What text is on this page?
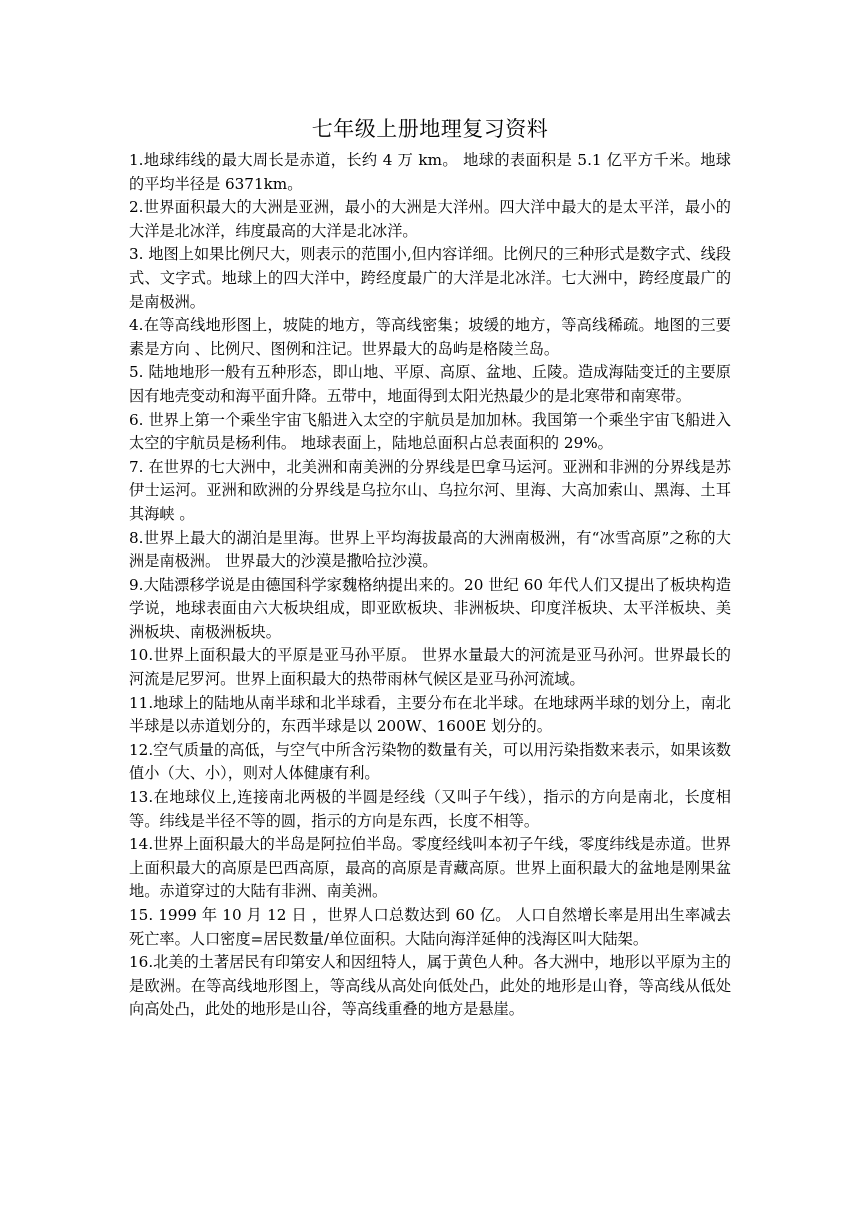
七年级上册地理复习资料

1.地球纬线的最大周长是赤道，长约 4 万 km。 地球的表面积是 5.1 亿平方千米。地球的平均半径是 6371km。

2.世界面积最大的大洲是亚洲，最小的大洲是大洋州。四大洋中最大的是太平洋，最小的大洋是北冰洋，纬度最高的大洋是北冰洋。

3. 地图上如果比例尺大，则表示的范围小,但内容详细。比例尺的三种形式是数字式、线段式、文字式。地球上的四大洋中，跨经度最广的大洋是北冰洋。七大洲中，跨经度最广的是南极洲。

4.在等高线地形图上，坡陡的地方，等高线密集；坡缓的地方，等高线稀疏。地图的三要素是方向 、比例尺、图例和注记。世界最大的岛屿是格陵兰岛。

5. 陆地地形一般有五种形态，即山地、平原、高原、盆地、丘陵。造成海陆变迁的主要原因有地壳变动和海平面升降。五带中，地面得到太阳光热最少的是北寒带和南寒带。

6. 世界上第一个乘坐宇宙飞船进入太空的宇航员是加加林。我国第一个乘坐宇宙飞船进入太空的宇航员是杨利伟。 地球表面上，陆地总面积占总表面积的 29%。

7. 在世界的七大洲中，北美洲和南美洲的分界线是巴拿马运河。亚洲和非洲的分界线是苏伊士运河。亚洲和欧洲的分界线是乌拉尔山、乌拉尔河、里海、大高加索山、黑海、土耳其海峡 。

8.世界上最大的湖泊是里海。世界上平均海拔最高的大洲南极洲，有“冰雪高原”之称的大洲是南极洲。 世界最大的沙漠是撒哈拉沙漠。

9.大陆漂移学说是由德国科学家魏格纳提出来的。20 世纪 60 年代人们又提出了板块构造学说，地球表面由六大板块组成，即亚欧板块、非洲板块、印度洋板块、太平洋板块、美洲板块、南极洲板块。

10.世界上面积最大的平原是亚马孙平原。 世界水量最大的河流是亚马孙河。世界最长的河流是尼罗河。世界上面积最大的热带雨林气候区是亚马孙河流域。

11.地球上的陆地从南半球和北半球看，主要分布在北半球。在地球两半球的划分上，南北半球是以赤道划分的，东西半球是以 200W、1600E 划分的。

12.空气质量的高低，与空气中所含污染物的数量有关，可以用污染指数来表示，如果该数值小（大、小），则对人体健康有利。

13.在地球仪上,连接南北两极的半圆是经线（又叫子午线），指示的方向是南北，长度相等。纬线是半径不等的圆，指示的方向是东西，长度不相等。

14.世界上面积最大的半岛是阿拉伯半岛。零度经线叫本初子午线，零度纬线是赤道。世界上面积最大的高原是巴西高原，最高的高原是青藏高原。世界上面积最大的盆地是刚果盆地。赤道穿过的大陆有非洲、南美洲。

15. 1999 年 10 月 12 日 ，世界人口总数达到 60 亿。 人口自然增长率是用出生率减去死亡率。人口密度=居民数量/单位面积。大陆向海洋延伸的浅海区叫大陆架。

16.北美的土著居民有印第安人和因纽特人，属于黄色人种。各大洲中，地形以平原为主的是欧洲。在等高线地形图上，等高线从高处向低处凸，此处的地形是山脊，等高线从低处向高处凸，此处的地形是山谷，等高线重叠的地方是悬崖。
